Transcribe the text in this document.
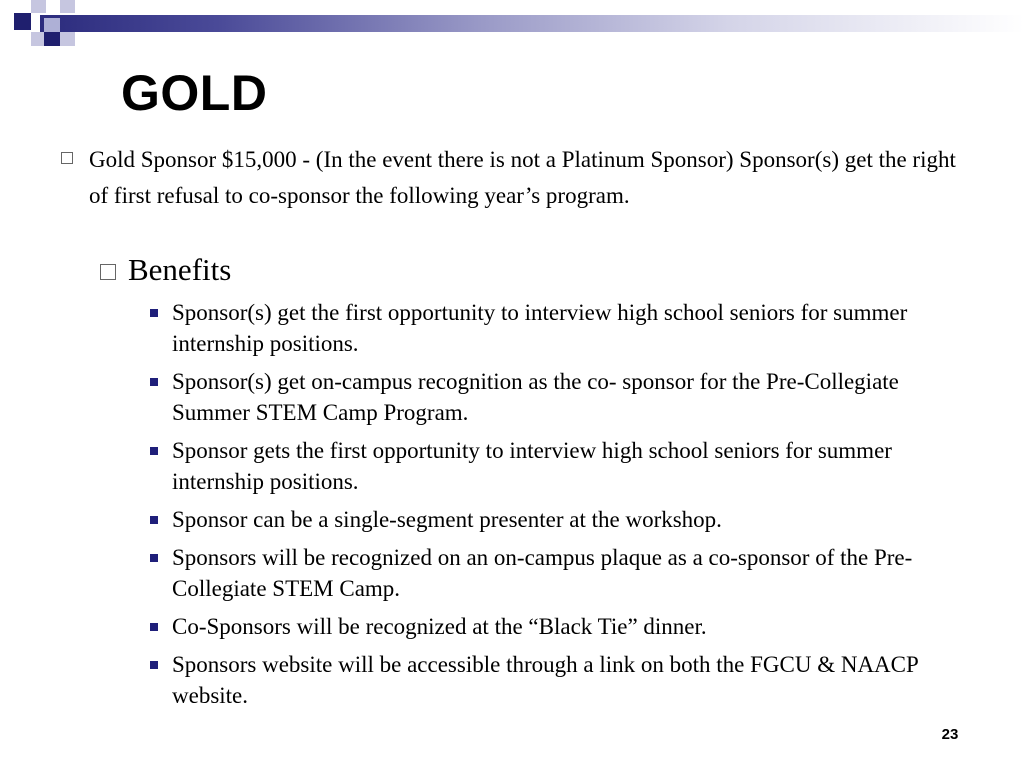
GOLD
Gold Sponsor $15,000 - (In the event there is not a Platinum Sponsor) Sponsor(s) get the right of first refusal to co-sponsor the following year’s program.
Benefits
Sponsor(s) get the first opportunity to interview high school seniors for summer internship positions.
Sponsor(s) get on-campus recognition as the co- sponsor for the Pre-Collegiate Summer STEM Camp Program.
Sponsor gets the first opportunity to interview high school seniors for summer internship positions.
Sponsor can be a single-segment presenter at the workshop.
Sponsors will be recognized on an on-campus plaque as a co-sponsor of the Pre-Collegiate STEM Camp.
Co-Sponsors will be recognized at the “Black Tie” dinner.
Sponsors website will be accessible through a link on both the FGCU & NAACP website.
23
